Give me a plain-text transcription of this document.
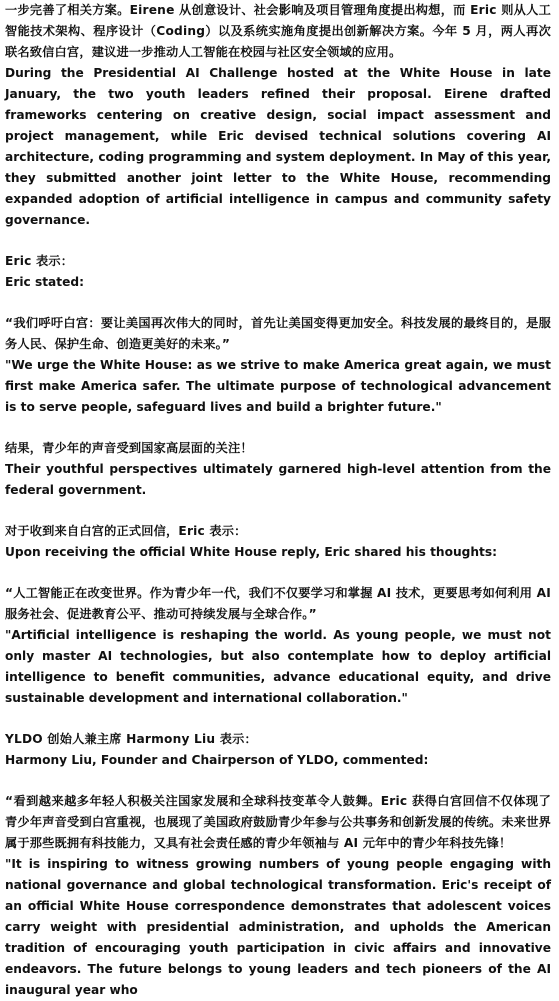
一步完善了相关方案。Eirene 从创意设计、社会影响及项目管理角度提出构想，而 Eric 则从人工智能技术架构、程序设计（Coding）以及系统实施角度提出创新解决方案。今年 5 月，两人再次联名致信白宫，建议进一步推动人工智能在校园与社区安全领域的应用。
During the Presidential AI Challenge hosted at the White House in late January, the two youth leaders refined their proposal. Eirene drafted frameworks centering on creative design, social impact assessment and project management, while Eric devised technical solutions covering AI architecture, coding programming and system deployment. In May of this year, they submitted another joint letter to the White House, recommending expanded adoption of artificial intelligence in campus and community safety governance.
Eric 表示：
Eric stated:
“我们呼吁白宫：要让美国再次伟大的同时，首先让美国变得更加安全。科技发展的最终目的，是服务人民、保护生命、创造更美好的未来。”
"We urge the White House: as we strive to make America great again, we must first make America safer. The ultimate purpose of technological advancement is to serve people, safeguard lives and build a brighter future."
结果，青少年的声音受到国家高层面的关注！
Their youthful perspectives ultimately garnered high-level attention from the federal government.
对于收到来自白宫的正式回信，Eric 表示：
Upon receiving the official White House reply, Eric shared his thoughts:
“人工智能正在改变世界。作为青少年一代，我们不仅要学习和掌握 AI 技术，更要思考如何利用 AI 服务社会、促进教育公平、推动可持续发展与全球合作。”
"Artificial intelligence is reshaping the world. As young people, we must not only master AI technologies, but also contemplate how to deploy artificial intelligence to benefit communities, advance educational equity, and drive sustainable development and international collaboration."
YLDO 创始人兼主席 Harmony Liu 表示：
Harmony Liu, Founder and Chairperson of YLDO, commented:
“看到越来越多年轻人积极关注国家发展和全球科技变革令人鼓舞。Eric 获得白宫回信不仅体现了青少年声音受到白宫重视，也展现了美国政府鼓励青少年参与公共事务和创新发展的传统。未来世界属于那些既拥有科技能力，又具有社会责任感的青少年领袖与 AI 元年中的青少年科技先锋！
"It is inspiring to witness growing numbers of young people engaging with national governance and global technological transformation. Eric's receipt of an official White House correspondence demonstrates that adolescent voices carry weight with presidential administration, and upholds the American tradition of encouraging youth participation in civic affairs and innovative endeavors. The future belongs to young leaders and tech pioneers of the AI inaugural year who
